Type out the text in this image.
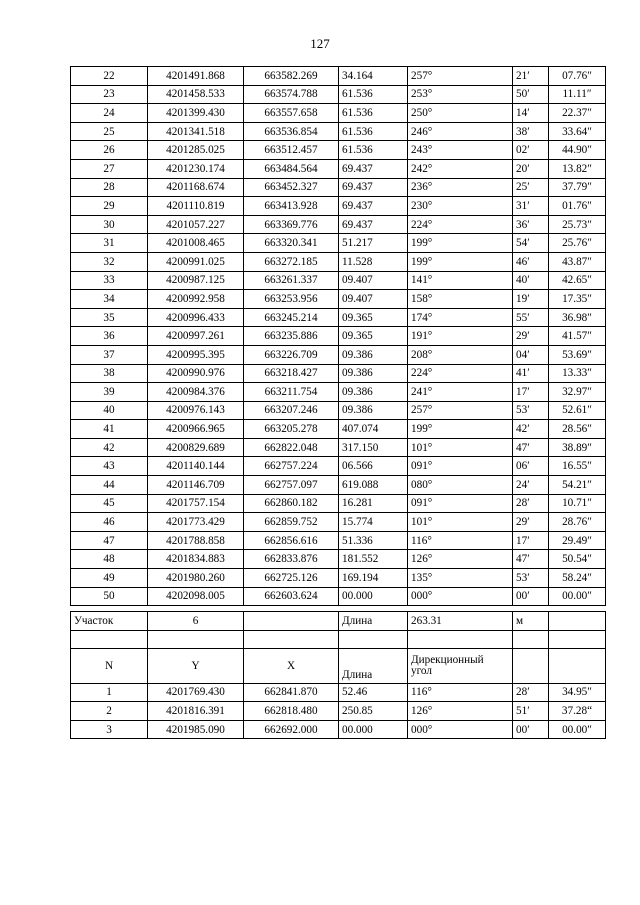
127
22	4201491.868	663582.269	34.164	257°	21′	07.76″
23	4201458.533	663574.788	61.536	253°	50′	11.11″
24	4201399.430	663557.658	61.536	250°	14′	22.37″
25	4201341.518	663536.854	61.536	246°	38′	33.64″
26	4201285.025	663512.457	61.536	243°	02′	44.90″
27	4201230.174	663484.564	69.437	242°	20′	13.82″
28	4201168.674	663452.327	69.437	236°	25′	37.79″
29	4201110.819	663413.928	69.437	230°	31′	01.76″
30	4201057.227	663369.776	69.437	224°	36′	25.73″
31	4201008.465	663320.341	51.217	199°	54′	25.76″
32	4200991.025	663272.185	11.528	199°	46′	43.87″
33	4200987.125	663261.337	09.407	141°	40′	42.65″
34	4200992.958	663253.956	09.407	158°	19′	17.35″
35	4200996.433	663245.214	09.365	174°	55′	36.98″
36	4200997.261	663235.886	09.365	191°	29′	41.57″
37	4200995.395	663226.709	09.386	208°	04′	53.69″
38	4200990.976	663218.427	09.386	224°	41′	13.33″
39	4200984.376	663211.754	09.386	241°	17′	32.97″
40	4200976.143	663207.246	09.386	257°	53′	52.61″
41	4200966.965	663205.278	407.074	199°	42′	28.56″
42	4200829.689	662822.048	317.150	101°	47′	38.89″
43	4201140.144	662757.224	06.566	091°	06′	16.55″
44	4201146.709	662757.097	619.088	080°	24′	54.21″
45	4201757.154	662860.182	16.281	091°	28′	10.71″
46	4201773.429	662859.752	15.774	101°	29′	28.76″
47	4201788.858	662856.616	51.336	116°	17′	29.49″
48	4201834.883	662833.876	181.552	126°	47′	50.54″
49	4201980.260	662725.126	169.194	135°	53′	58.24″
50	4202098.005	662603.624	00.000	000°	00′	00.00″
Участок	6		Длина	263.31	м	

N	Y	X	Длина	Дирекционный
угол		

1	4201769.430	662841.870	52.46	116°	28′	34.95″
2	4201816.391	662818.480	250.85	126°	51′	37.28“
3	4201985.090	662692.000	00.000	000°	00′	00.00″
